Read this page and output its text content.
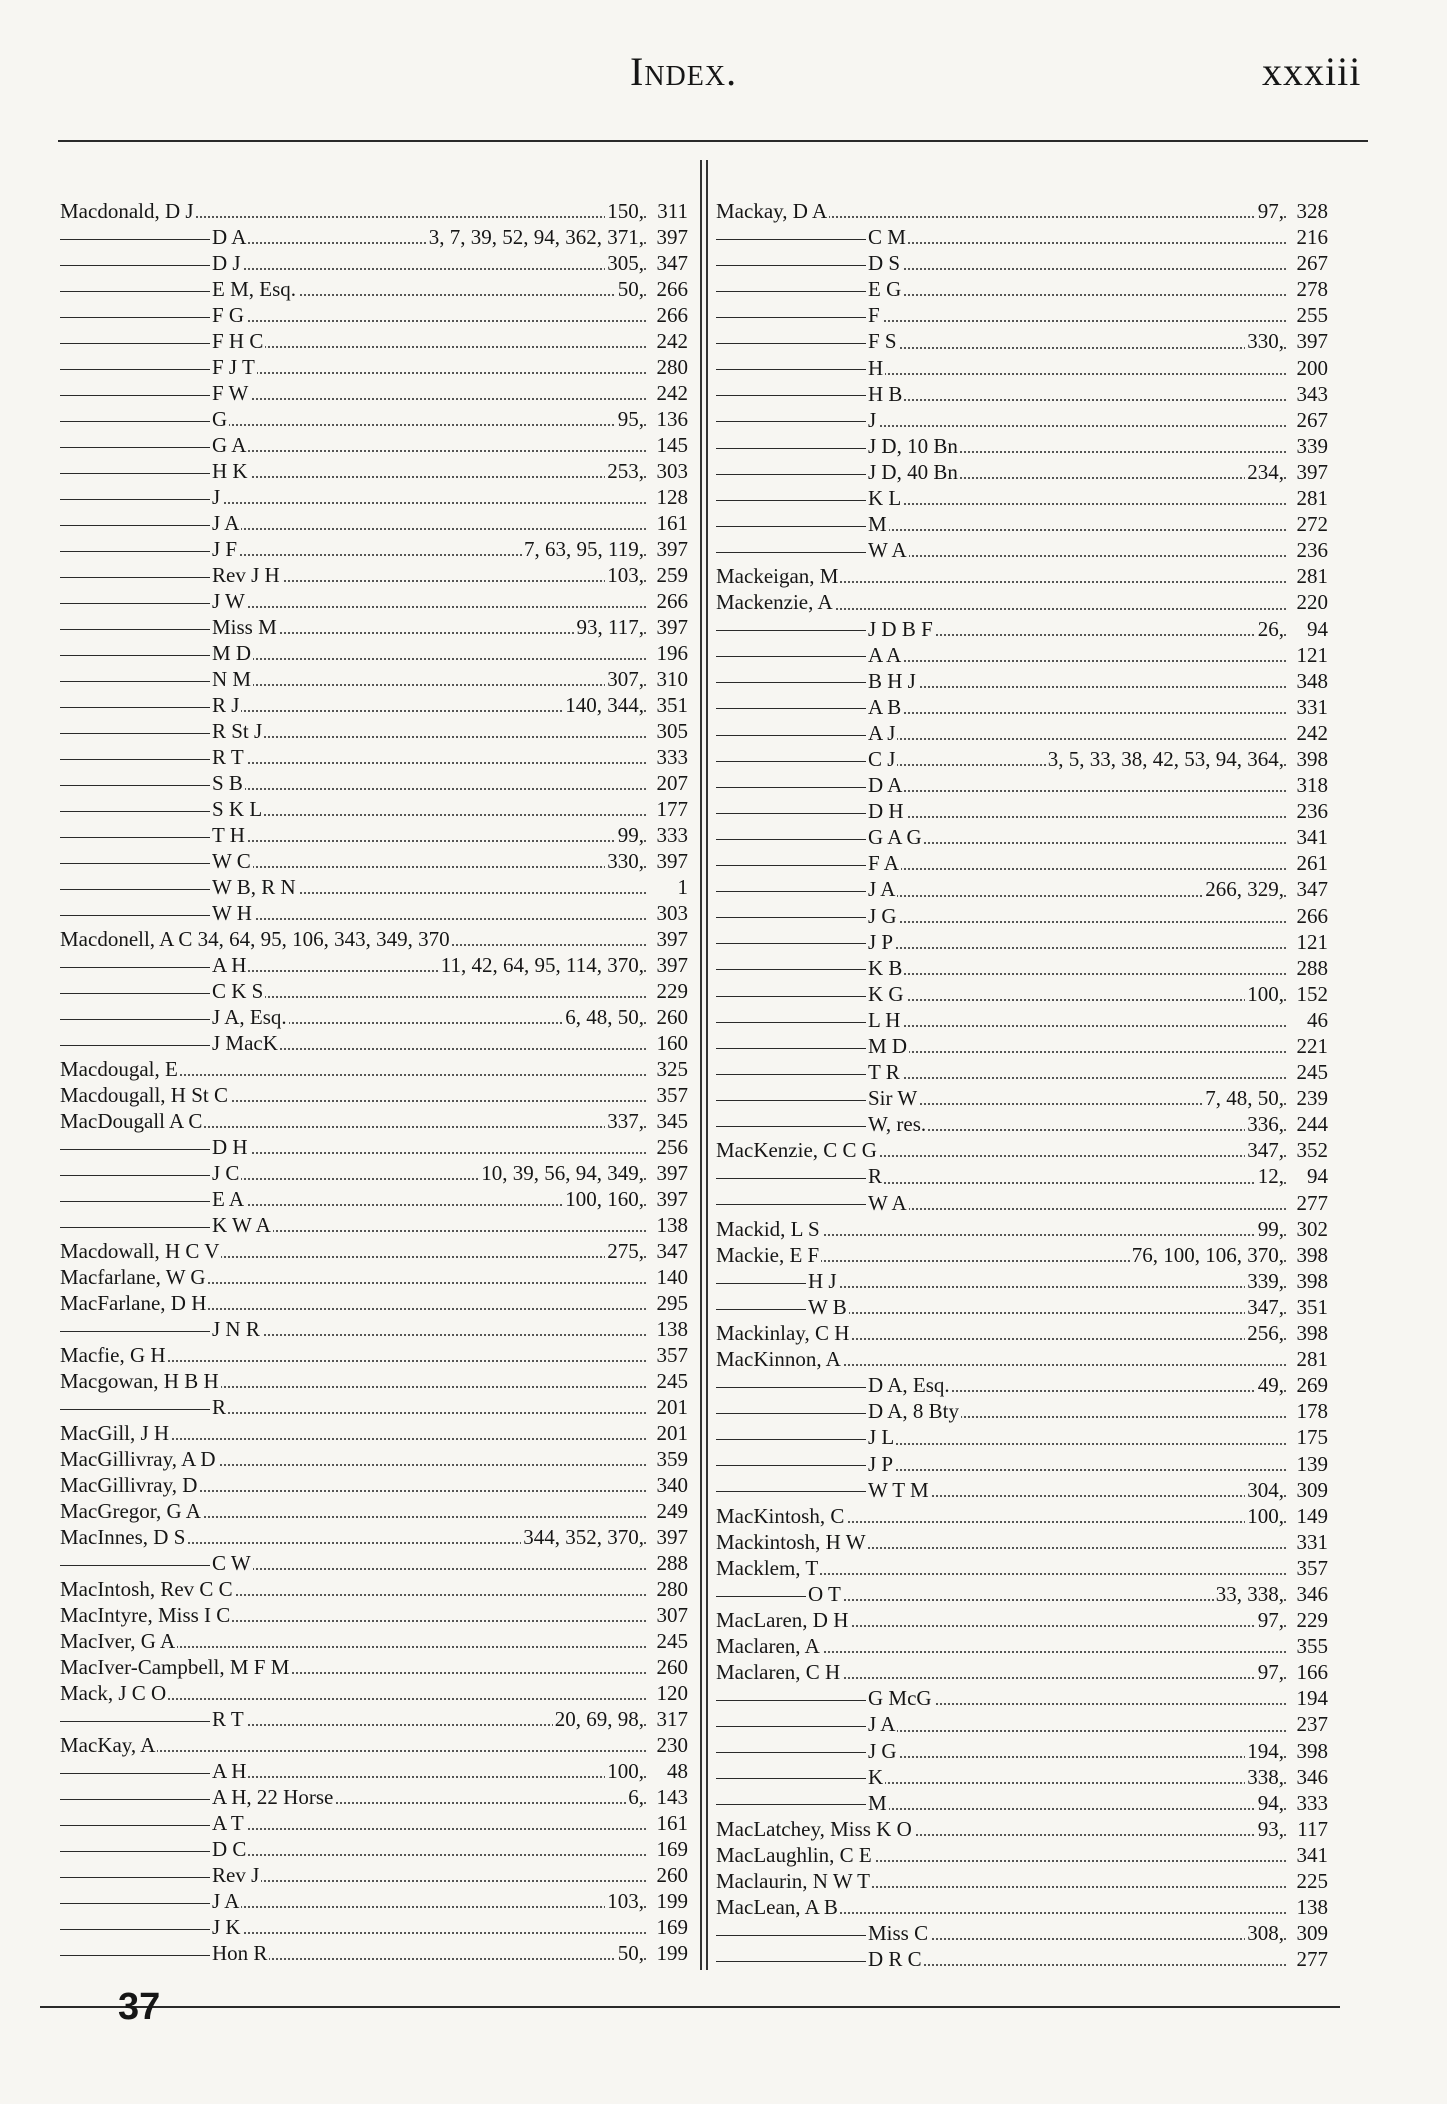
Index.	xxxiii
Macdonald, D J	150, 311
D A	3, 7, 39, 52, 94, 362, 371, 397
D J	305, 347
E M, Esq.	50, 266
F G	266
F H C	242
F J T	280
F W	242
G	95, 136
G A	145
H K	253, 303
J	128
J A	161
J F	7, 63, 95, 119, 397
Rev J H	103, 259
J W	266
Miss M	93, 117, 397
M D	196
N M	307, 310
R J	140, 344, 351
R St J	305
R T	333
S B	207
S K L	177
T H	99, 333
W C	330, 397
W B, R N	1
W H	303
Macdonell, A C 34, 64, 95, 106, 343, 349, 370	397
A H	11, 42, 64, 95, 114, 370, 397
C K S	229
J A, Esq.	6, 48, 50, 260
J MacK	160
Macdougal, E	325
Macdougall, H St C	357
MacDougall A C	337, 345
D H	256
J C	10, 39, 56, 94, 349, 397
E A	100, 160, 397
K W A	138
Macdowall, H C V	275, 347
Macfarlane, W G	140
MacFarlane, D H	295
J N R	138
Macfie, G H	357
Macgowan, H B H	245
R	201
MacGill, J H	201
MacGillivray, A D	359
MacGillivray, D	340
MacGregor, G A	249
MacInnes, D S	344, 352, 370, 397
C W	288
MacIntosh, Rev C C	280
MacIntyre, Miss I C	307
MacIver, G A	245
MacIver-Campbell, M F M	260
Mack, J C O	120
R T	20, 69, 98, 317
MacKay, A	230
A H	100,	48
A H, 22 Horse	6, 143
A T	161
D C	169
Rev J	260
J A	103, 199
J K	169
Hon R	50, 199
Mackay, D A	97, 328
C M	216
D S	267
E G	278
F	255
F S	330, 397
H	200
H B	343
J	267
J D, 10 Bn	339
J D, 40 Bn	234, 397
K L	281
M	272
W A	236
Mackeigan, M	281
Mackenzie, A	220
J D B F	26,	94
A A	121
B H J	348
A B	331
A J	242
C J	3, 5, 33, 38, 42, 53, 94, 364, 398
D A	318
D H	236
G A G	341
F A	261
J A	266, 329, 347
J G	266
J P	121
K B	288
K G	100, 152
L H	46
M D	221
T R	245
Sir W	7, 48, 50, 239
W, res.	336, 244
MacKenzie, C C G	347, 352
R	12,	94
W A	277
Mackid, L S	99, 302
Mackie, E F	76, 100, 106, 370, 398
H J	339, 398
W B	347, 351
Mackinlay, C H	256, 398
MacKinnon, A	281
D A, Esq.	49, 269
D A, 8 Bty	178
J L	175
J P	139
W T M	304, 309
MacKintosh, C	100, 149
Mackintosh, H W	331
Macklem, T	357
O T	33, 338, 346
MacLaren, D H	97, 229
Maclaren, A	355
Maclaren, C H	97, 166
G McG	194
J A	237
J G	194, 398
K	338, 346
M	94, 333
MacLatchey, Miss K O	93, 117
MacLaughlin, C E	341
Maclaurin, N W T	225
MacLean, A B	138
Miss C	308, 309
D R C	277
37
